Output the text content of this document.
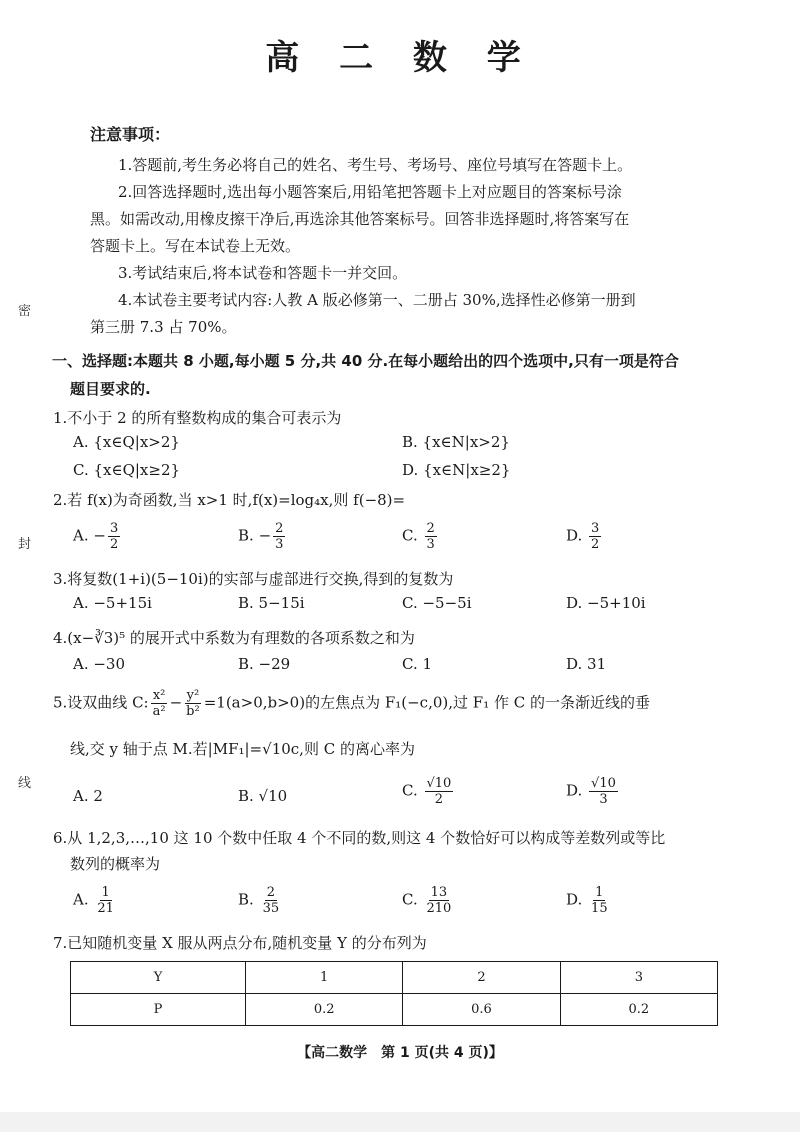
高 二 数 学
注意事项：
1.答题前,考生务必将自己的姓名、考生号、考场号、座位号填写在答题卡上。
2.回答选择题时,选出每小题答案后,用铅笔把答题卡上对应题目的答案标号涂
黑。如需改动,用橡皮擦干净后,再选涂其他答案标号。回答非选择题时,将答案写在
答题卡上。写在本试卷上无效。
3.考试结束后,将本试卷和答题卡一并交回。
4.本试卷主要考试内容:人教 A 版必修第一、二册占 30%,选择性必修第一册到
第三册 7.3 占 70%。
密
封
线
一、选择题:本题共 8 小题,每小题 5 分,共 40 分.在每小题给出的四个选项中,只有一项是符合
题目要求的.
1.不小于 2 的所有整数构成的集合可表示为
A. {x∈Q|x>2}	B. {x∈N|x>2}
C. {x∈Q|x≥2}	D. {x∈N|x≥2}
2.若 f(x)为奇函数,当 x>1 时,f(x)=log₄x,则 f(−8)=
A. − $\frac{3}{2}$	B. − $\frac{2}{3}$	C. $\frac{2}{3}$	D. $\frac{3}{2}$
3.将复数(1+i)(5−10i)的实部与虚部进行交换,得到的复数为
A. −5+15i	B. 5−15i	C. −5−5i	D. −5+10i
4.(x−∛3)⁵ 的展开式中系数为有理数的各项系数之和为
A. −30	B. −29	C. 1	D. 31
5.设双曲线 C: $\frac{\text{x²}}{\text{a²}} - \frac{\text{y²}}{\text{b²}} =1(a>0,b>0)$的左焦点为 F₁(−c,0),过 F₁ 作 C 的一条渐近线的垂
线,交 y 轴于点 M.若|MF₁|=√10c,则 C 的离心率为
A. 2	B. √10	C. $\frac{√10}{2}$	D. $\frac{√10}{3}$
6.从 1,2,3,…,10 这 10 个数中任取 4 个不同的数,则这 4 个数恰好可以构成等差数列或等比
数列的概率为
A. $\frac{1}{21}$	B. $\frac{2}{35}$	C. $\frac{13}{210}$	D. $\frac{1}{15}$
7.已知随机变量 X 服从两点分布,随机变量 Y 的分布列为
Y	1	2	3
P	0.2	0.6	0.2
【高二数学　第 1 页(共 4 页)】
